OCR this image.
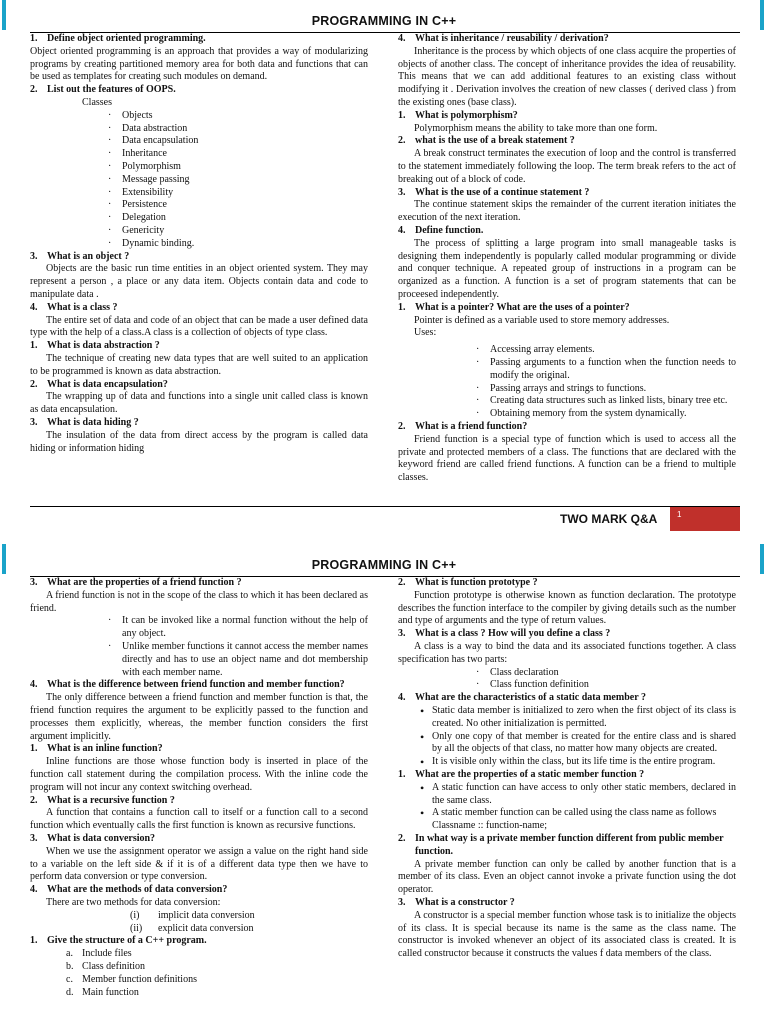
PROGRAMMING IN C++

1. Define object oriented programming.

Object oriented programming is an approach that provides a way of modularizing programs by creating partitioned memory area for both data and functions that can be used as templates for creating such modules on demand.

2. List out the features of OOPS.

Classes

· Objects
· Data abstraction
· Data encapsulation
· Inheritance
· Polymorphism
· Message passing
· Extensibility
· Persistence
· Delegation
· Genericity
· Dynamic binding.

3. What is an object ?

Objects are the basic run time entities in an object oriented system. They may represent a person , a place or any data item. Objects contain data and code to manipulate data .

4. What is a class ?

The entire set of data and code of an object that can be made a user defined data type with the help of a class.A class is a collection of objects of type class.

1. What is data abstraction ?

The technique of creating new data types that are well suited to an application to be programmed is known as data abstraction.

2. What is data encapsulation?

The wrapping up of data and functions into a single unit called class is known as data encapsulation.

3. What is data hiding ?

The insulation of the data from direct access by the program is called data hiding or information hiding

4. What is inheritance / reusability / derivation?

Inheritance is the process by which objects of one class acquire the properties of objects of another class. The concept of inheritance provides the idea of reusability. This means that we can add additional features to an existing class without modifying it . Derivation involves the creation of new classes ( derived class ) from the existing ones (base class).

1. What is polymorphism?

Polymorphism means the ability to take more than one form.

2. what is the use of a break statement ?

A break construct terminates the execution of loop and the control is transferred to the statement immediately following the loop. The term break refers to the act of breaking out of a block of code.

3. What is the use of a continue statement ?

The continue statement skips the remainder of the current iteration initiates the execution of the next iteration.

4. Define function.

The process of splitting a large program into small manageable tasks is designing them independently is popularly called modular programming or divide and conquer technique. A repeated group of instructions in a program can be organized as a function. A function is a set of program statements that can be proceesed independently.

1. What is a pointer? What are the uses of a pointer?

Pointer is defined as a variable used to store memory addresses.

Uses:

· Accessing array elements.
· Passing arguments to a function when the function needs to modify the original.
· Passing arrays and strings to functions.
· Creating data structures such as linked lists, binary tree etc.
· Obtaining memory from the system dynamically.

2. What is a friend function?

Friend function is a special type of function which is used to access all the private and protected members of a class. The functions that are declared with the keyword friend are called friend functions. A function can be a friend to multiple classes.

TWO MARK Q&A	1
PROGRAMMING IN C++

3. What are the properties of a friend function ?

A friend function is not in the scope of the class to which it has been declared as friend.

· It can be invoked like a normal function without the help of any object.
· Unlike member functions it cannot access the member names directly and has to use an object name and dot membership with each member name.

4. What is the difference between friend function and member function?

The only difference between a friend function and member function is that, the friend function requires the argument to be explicitly passed to the function and processes them explicitly, whereas, the member function considers the first argument implicitly.

1. What is an inline function?

Inline functions are those whose function body is inserted in place of the function call statement during the compilation process. With the inline code the program will not incur any context switching overhead.

2. What is a recursive function ?

A function that contains a function call to itself or a function call to a second function which eventually calls the first function is known as recursive functions.

3. What is data conversion?

When we use the assignment operator we assign a value on the right hand side to a variable on the left side & if it is of a different data type then we have to perform data conversion or type conversion.

4. What are the methods of data conversion?

There are two methods for data conversion:

(i) implicit data conversion

(ii) explicit data conversion

1. Give the structure of a C++ program.

a. Include files

b. Class definition

c. Member function definitions

d. Main function

2. What is function prototype ?

Function prototype is otherwise known as function declaration. The prototype describes the function interface to the compiler by giving details such as the number and type of arguments and the type of return values.

3. What is a class ? How will you define a class ?

A class is a way to bind the data and its associated functions together. A class specification has two parts:

· Class declaration
· Class function definition

4. What are the characteristics of a static data member ?

• Static data member is initialized to zero when the first object of its class is created. No other initialization is permitted.
• Only one copy of that member is created for the entire class and is shared by all the objects of that class, no matter how many objects are created.
• It is visible only within the class, but its life time is the entire program.

1. What are the properties of a static member function ?

• A static function can have access to only other static members, declared in the same class.
• A static member function can be called using the class name as follows

Classname :: function-name;

2. In what way is a private member function different from public member function.

A private member function can only be called by another function that is a member of its class. Even an object cannot invoke a private function using the dot operator.

3. What is a constructor ?

A constructor is a special member function whose task is to initialize the objects of its class. It is special because its name is the same as the class name. The constructor is invoked whenever an object of its associated class is created. It is called constructor because it constructs the values f data members of the class.
